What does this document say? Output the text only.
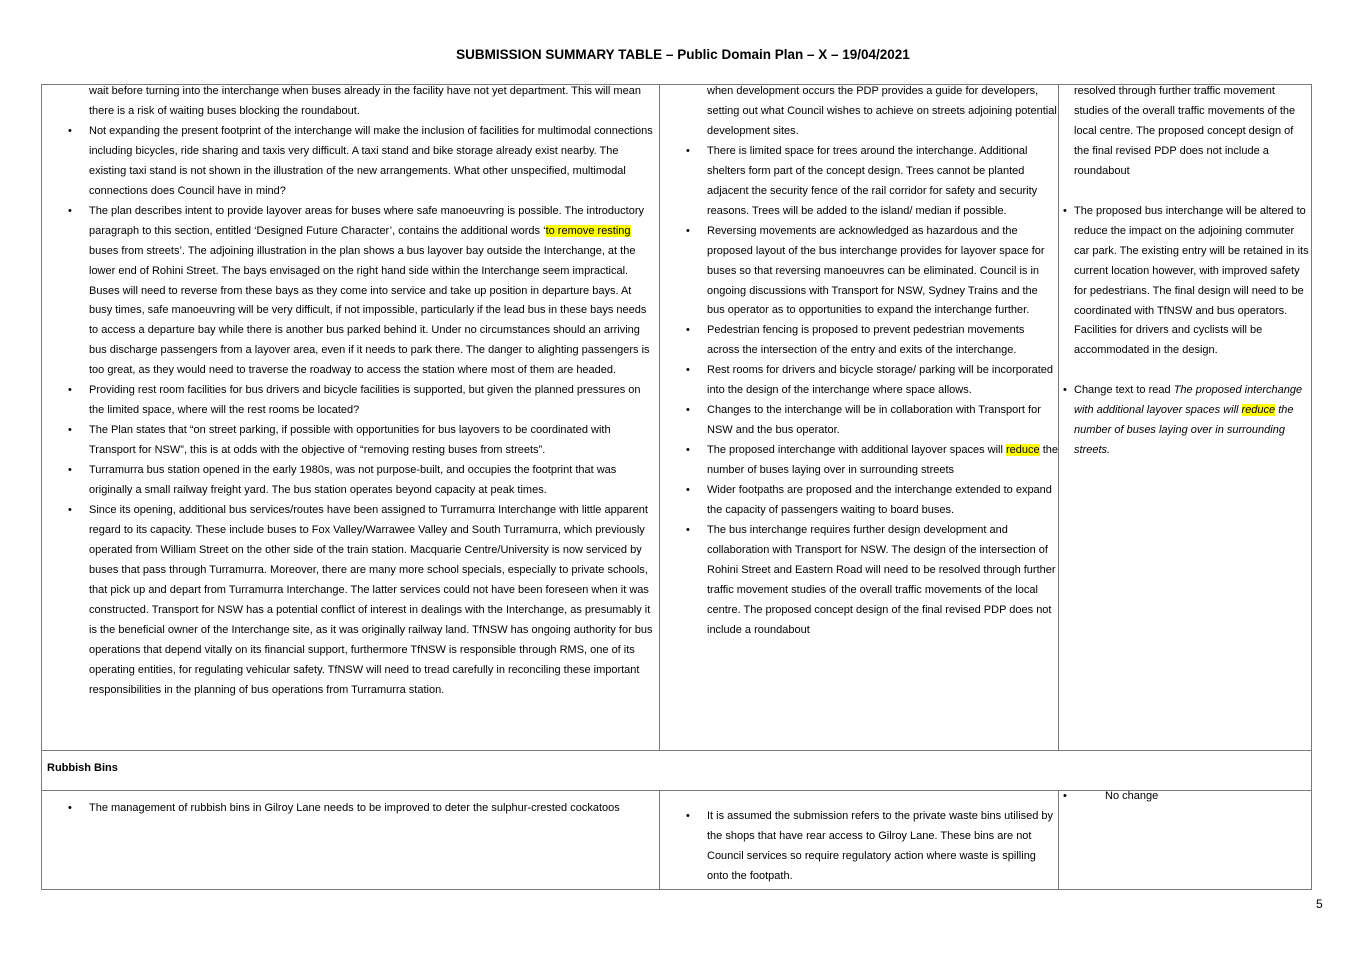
SUBMISSION SUMMARY TABLE – Public Domain Plan – X – 19/04/2021
Rubbish Bins
wait before turning into the interchange when buses already in the facility have not yet department. This will mean there is a risk of waiting buses blocking the roundabout.
• Not expanding the present footprint of the interchange will make the inclusion of facilities for multimodal connections including bicycles, ride sharing and taxis very difficult. A taxi stand and bike storage already exist nearby. The existing taxi stand is not shown in the illustration of the new arrangements. What other unspecified, multimodal connections does Council have in mind?
• The plan describes intent to provide layover areas for buses where safe manoeuvring is possible. The introductory paragraph to this section, entitled ‘Designed Future Character’, contains the additional words ‘to remove resting buses from streets’. The adjoining illustration in the plan shows a bus layover bay outside the Interchange, at the lower end of Rohini Street. The bays envisaged on the right hand side within the Interchange seem impractical. Buses will need to reverse from these bays as they come into service and take up position in departure bays. At busy times, safe manoeuvring will be very difficult, if not impossible, particularly if the lead bus in these bays needs to access a departure bay while there is another bus parked behind it. Under no circumstances should an arriving bus discharge passengers from a layover area, even if it needs to park there. The danger to alighting passengers is too great, as they would need to traverse the roadway to access the station where most of them are headed.
• Providing rest room facilities for bus drivers and bicycle facilities is supported, but given the planned pressures on the limited space, where will the rest rooms be located?
• The Plan states that “on street parking, if possible with opportunities for bus layovers to be coordinated with Transport for NSW”, this is at odds with the objective of “removing resting buses from streets”.
• Turramurra bus station opened in the early 1980s, was not purpose-built, and occupies the footprint that was originally a small railway freight yard. The bus station operates beyond capacity at peak times.
• Since its opening, additional bus services/routes have been assigned to Turramurra Interchange with little apparent regard to its capacity. These include buses to Fox Valley/Warrawee Valley and South Turramurra, which previously operated from William Street on the other side of the train station. Macquarie Centre/University is now serviced by buses that pass through Turramurra. Moreover, there are many more school specials, especially to private schools, that pick up and depart from Turramurra Interchange. The latter services could not have been foreseen when it was constructed. Transport for NSW has a potential conflict of interest in dealings with the Interchange, as presumably it is the beneficial owner of the Interchange site, as it was originally railway land. TfNSW has ongoing authority for bus operations that depend vitally on its financial support, furthermore TfNSW is responsible through RMS, one of its operating entities, for regulating vehicular safety. TfNSW will need to tread carefully in reconciling these important responsibilities in the planning of bus operations from Turramurra station.
when development occurs the PDP provides a guide for developers, setting out what Council wishes to achieve on streets adjoining potential development sites.
• There is limited space for trees around the interchange. Additional shelters form part of the concept design. Trees cannot be planted adjacent the security fence of the rail corridor for safety and security reasons. Trees will be added to the island/ median if possible.
• Reversing movements are acknowledged as hazardous and the proposed layout of the bus interchange provides for layover space for buses so that reversing manoeuvres can be eliminated. Council is in ongoing discussions with Transport for NSW, Sydney Trains and the bus operator as to opportunities to expand the interchange further.
• Pedestrian fencing is proposed to prevent pedestrian movements across the intersection of the entry and exits of the interchange.
• Rest rooms for drivers and bicycle storage/ parking will be incorporated into the design of the interchange where space allows.
• Changes to the interchange will be in collaboration with Transport for NSW and the bus operator.
• The proposed interchange with additional layover spaces will reduce the number of buses laying over in surrounding streets
• Wider footpaths are proposed and the interchange extended to expand the capacity of passengers waiting to board buses.
• The bus interchange requires further design development and collaboration with Transport for NSW. The design of the intersection of Rohini Street and Eastern Road will need to be resolved through further traffic movement studies of the overall traffic movements of the local centre. The proposed concept design of the final revised PDP does not include a roundabout
resolved through further traffic movement studies of the overall traffic movements of the local centre. The proposed concept design of the final revised PDP does not include a roundabout
• The proposed bus interchange will be altered to reduce the impact on the adjoining commuter car park. The existing entry will be retained in its current location however, with improved safety for pedestrians. The final design will need to be coordinated with TfNSW and bus operators. Facilities for drivers and cyclists will be accommodated in the design.
• Change text to read The proposed interchange with additional layover spaces will reduce the number of buses laying over in surrounding streets.
• The management of rubbish bins in Gilroy Lane needs to be improved to deter the sulphur-crested cockatoos
• It is assumed the submission refers to the private waste bins utilised by the shops that have rear access to Gilroy Lane. These bins are not Council services so require regulatory action where waste is spilling onto the footpath.
• No change
5
